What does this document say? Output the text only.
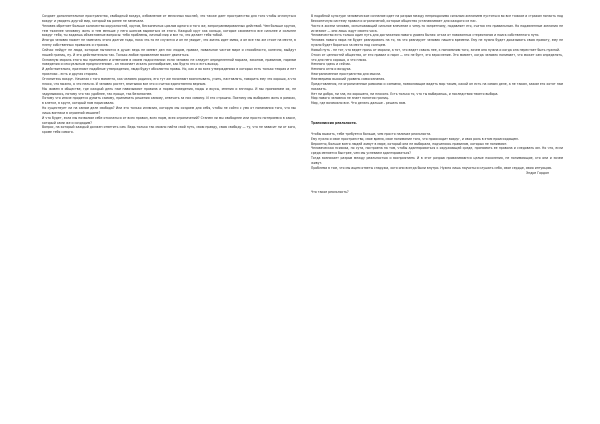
Создает дополнительное пространство, свободный воздух, избавление от мелочных мыслей, что также дает пространство для того чтобы оглянуться вокруг и увидеть другой мир, который вы ранее не замечали.

Человек обретает больше количество окружностей, кругов, бесконечных циклов одного и того же, запрограммированных действий. Чем больше кругов, тем тяжелее человеку жить и тем меньше у него шансов вырваться из этого. Каждый круг как кольцо, которое сжимается все сильнее и сильнее вокруг тебя, ты задаешь объективные вопросы: тебя проблемы, личный мир и все то, что делает тебя тобой.

Иногда человек может не замечать этого долгие годы, пока что-то не случится и он не увидит, что жизнь идет мимо, а он все так же стоит на месте, в плену собственных привычек и страхов.

Сейчас нейдут не люди, которые пытаются в душе: ведь не имеют дел нас людям, правил, повальное чистое мире и способности, конечно, выйдут нашей границ, ну. И это действительно так. Только любое проявление может двигаться.

Основную мораль этого мы принимаем и отмечаем в своем подсознании: если человек не следует определенной морали, законам, правилам, нормам поведения и сексуальным предпочтениям - он начинает искать разнообразие, как будто это и есть выход.

И действительно, признают подобные утверждения, люди будут абсолютно правы. Но, как и во всех утверждениях в которых есть только теория и нет практики - есть и другая сторона.

Оглянитесь вокруг. Начиная с того момента, как человек родился, его тут же начинают воспитывать, учить, наставлять, говорить ему что хорошо, а что плохо, что можно, а что нельзя. И человек растет, впитывая все это и считая единственно верным.

Мы живем в обществе, где каждый день нам навязывают правила и нормы поведения, моды и вкусы, мнения и взгляды. И мы принимаем их, не задумываясь, потому что так удобнее, так проще, так безопаснее.

Потому что иначе придется думать самому, принимать решения самому, отвечать за них самому. И это страшно. Поэтому мы выбираем жить в рамках, в клетке, в круге, который нам нарисовали.

Но существует ли на самом деле свобода? Или это только иллюзия, которую мы создаем для себя, чтобы не сойти с ума от понимания того, что мы лишь винтики в огромной машине?

И что будет, если мы позволим себе отказаться от всех правил, всех норм, всех ограничений? Станем ли мы свободнее или просто потеряемся в хаосе, который сами же и создадим?

Вопрос, на который каждый должен ответить сам. Ведь только так можно найти свой путь, свою правду, свою свободу — ту, что не зависит ни от кого, кроме тебя самого.

В подобной культуре человеческое сознание идет на разрыв между непреодолимо сильным желанием пуститься во все тяжкие и страхом попасть под бесконечную систему правил и ограничений, которые общество устанавливает для каждого из нас.

Часто в жизни человек, испытывающий сильное влечение к чему-то запретному, подавляет его, считая это правильным. Но подавленные желания не исчезают — они лишь ждут своего часа.

Человечество есть только один путь для достижения нового уровня бытия: отказ от навязанных стереотипов и поиск собственного пути.

Человек нового мира не будет реагировать на то, на что реагирует человек нашего времени. Ему не нужно будет доказывать свою правоту, ему не нужно будет бороться за место под солнцем.

Новый путь - не тот, что ведет прочь от морали, а тот, что ведет сквозь нее, к пониманию того, зачем она нужна и когда она перестает быть нужной.

Отказ от ценностей общества, от его правил и норм — это не бунт, это взросление. Это момент, когда человек понимает, что может сам определять, что для него хорошо, а что плохо.

Немного здесь и сейчас.

Немного огня и воздуха.

Неограниченное пространство для мысли.

Неизмеримо высокий уровень самосознания.

Представления, не ограниченные рамками и схемами, позволяющие видеть мир таким, какой он есть на самом деле, а не таким, каким его хотят нам показать.

Нет ни добра, ни зла, ни хорошего, ни плохого. Есть только то, что ты выбираешь, и последствия твоего выбора.

Мир нового человека не знает понятия границ.

Мир, где возможно все. Что делать дальше - решать вам.

Трансмиссия реальности.

Чтобы выжить, тебе требуется больше, чем просто наличие реальности.

Ему нужно и свое пространство, свое время, свое понимание того, что происходит вокруг, и своя роль в этом происходящем.

Вероятно, больше всего людей живут в мире, который они не выбирали, подчиняясь правилам, которых не понимают.

Человеческая психика, по сути, построена на том, чтобы адаптироваться к окружающей среде, принимать ее правила и следовать им. Но что, если среда меняется быстрее, чем мы успеваем адаптироваться?

Тогда возникает разрыв между реальностью и восприятием. И в этот разрыв проваливаются целые поколения, не понимающие, кто они и зачем живут.

Проблема в том, что мы ищем ответы снаружи, хотя они всегда были внутри. Нужно лишь научиться слушать себя, свое сердце, свою интуицию.

Эндре Гордон

Что такое реальность?
